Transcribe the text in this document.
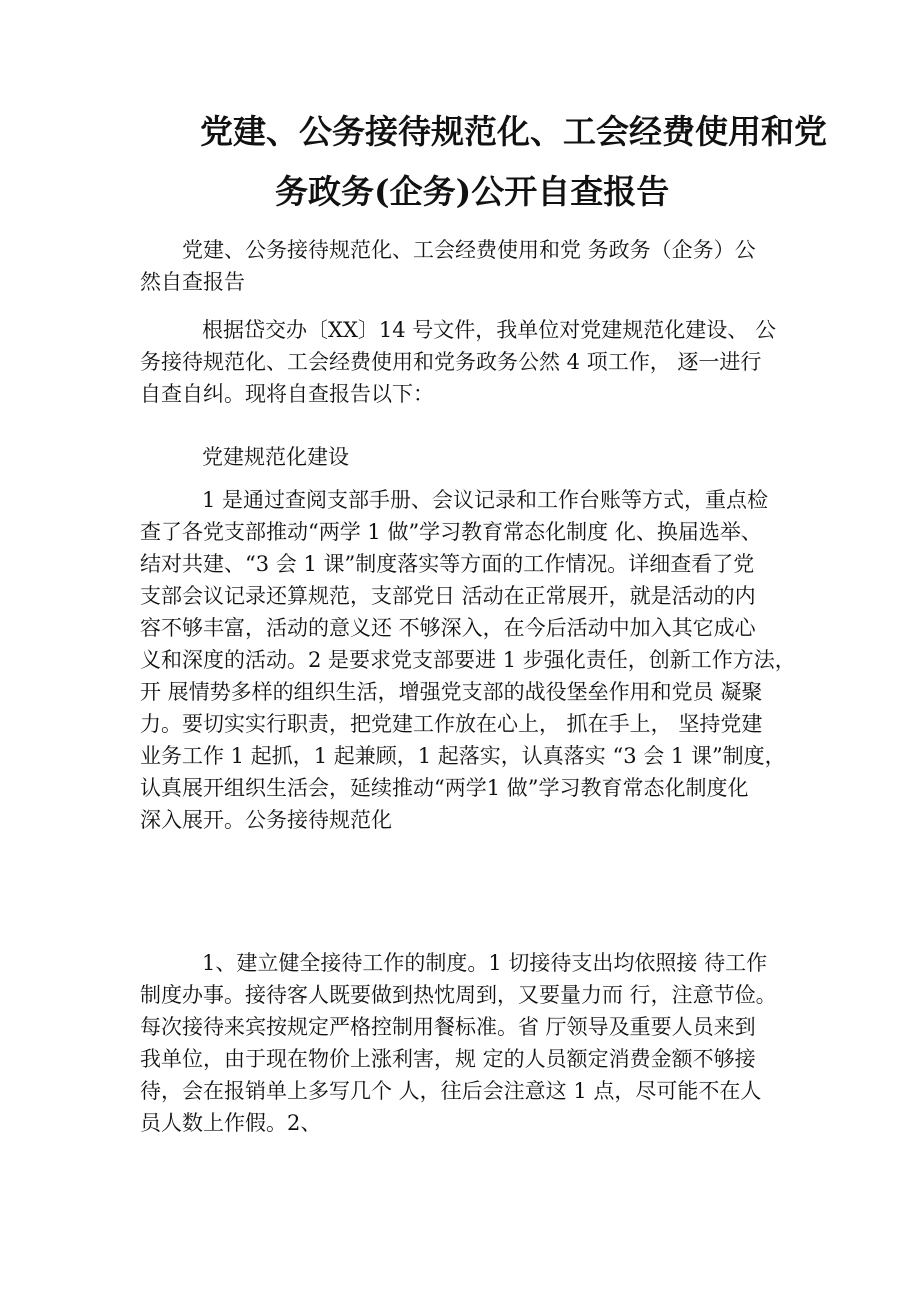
党建、公务接待规范化、工会经费使用和党
务政务(企务)公开自查报告
党建、公务接待规范化、工会经费使用和党 务政务（企务）公
然自查报告
根据岱交办〔XX〕14 号文件，我单位对党建规范化建设、 公
务接待规范化、工会经费使用和党务政务公然 4 项工作， 逐一进行
自查自纠。现将自查报告以下：
党建规范化建设
1 是通过查阅支部手册、会议记录和工作台账等方式，重点检
查了各党支部推动“两学 1 做”学习教育常态化制度 化、换届选举、
结对共建、“3 会 1 课”制度落实等方面的工作情况。详细查看了党
支部会议记录还算规范，支部党日 活动在正常展开，就是活动的内
容不够丰富，活动的意义还 不够深入，在今后活动中加入其它成心
义和深度的活动。2 是要求党支部要进 1 步强化责任，创新工作方法，
开 展情势多样的组织生活，增强党支部的战役堡垒作用和党员 凝聚
力。要切实实行职责，把党建工作放在心上， 抓在手上， 坚持党建
业务工作 1 起抓，1 起兼顾，1 起落实，认真落实 “3 会 1 课”制度，
认真展开组织生活会，延续推动“两学1 做”学习教育常态化制度化
深入展开。公务接待规范化
1、建立健全接待工作的制度。1 切接待支出均依照接 待工作
制度办事。接待客人既要做到热忱周到，又要量力而 行，注意节俭。
每次接待来宾按规定严格控制用餐标准。省 厅领导及重要人员来到
我单位，由于现在物价上涨利害，规 定的人员额定消费金额不够接
待，会在报销单上多写几个 人，往后会注意这 1 点，尽可能不在人
员人数上作假。2、
